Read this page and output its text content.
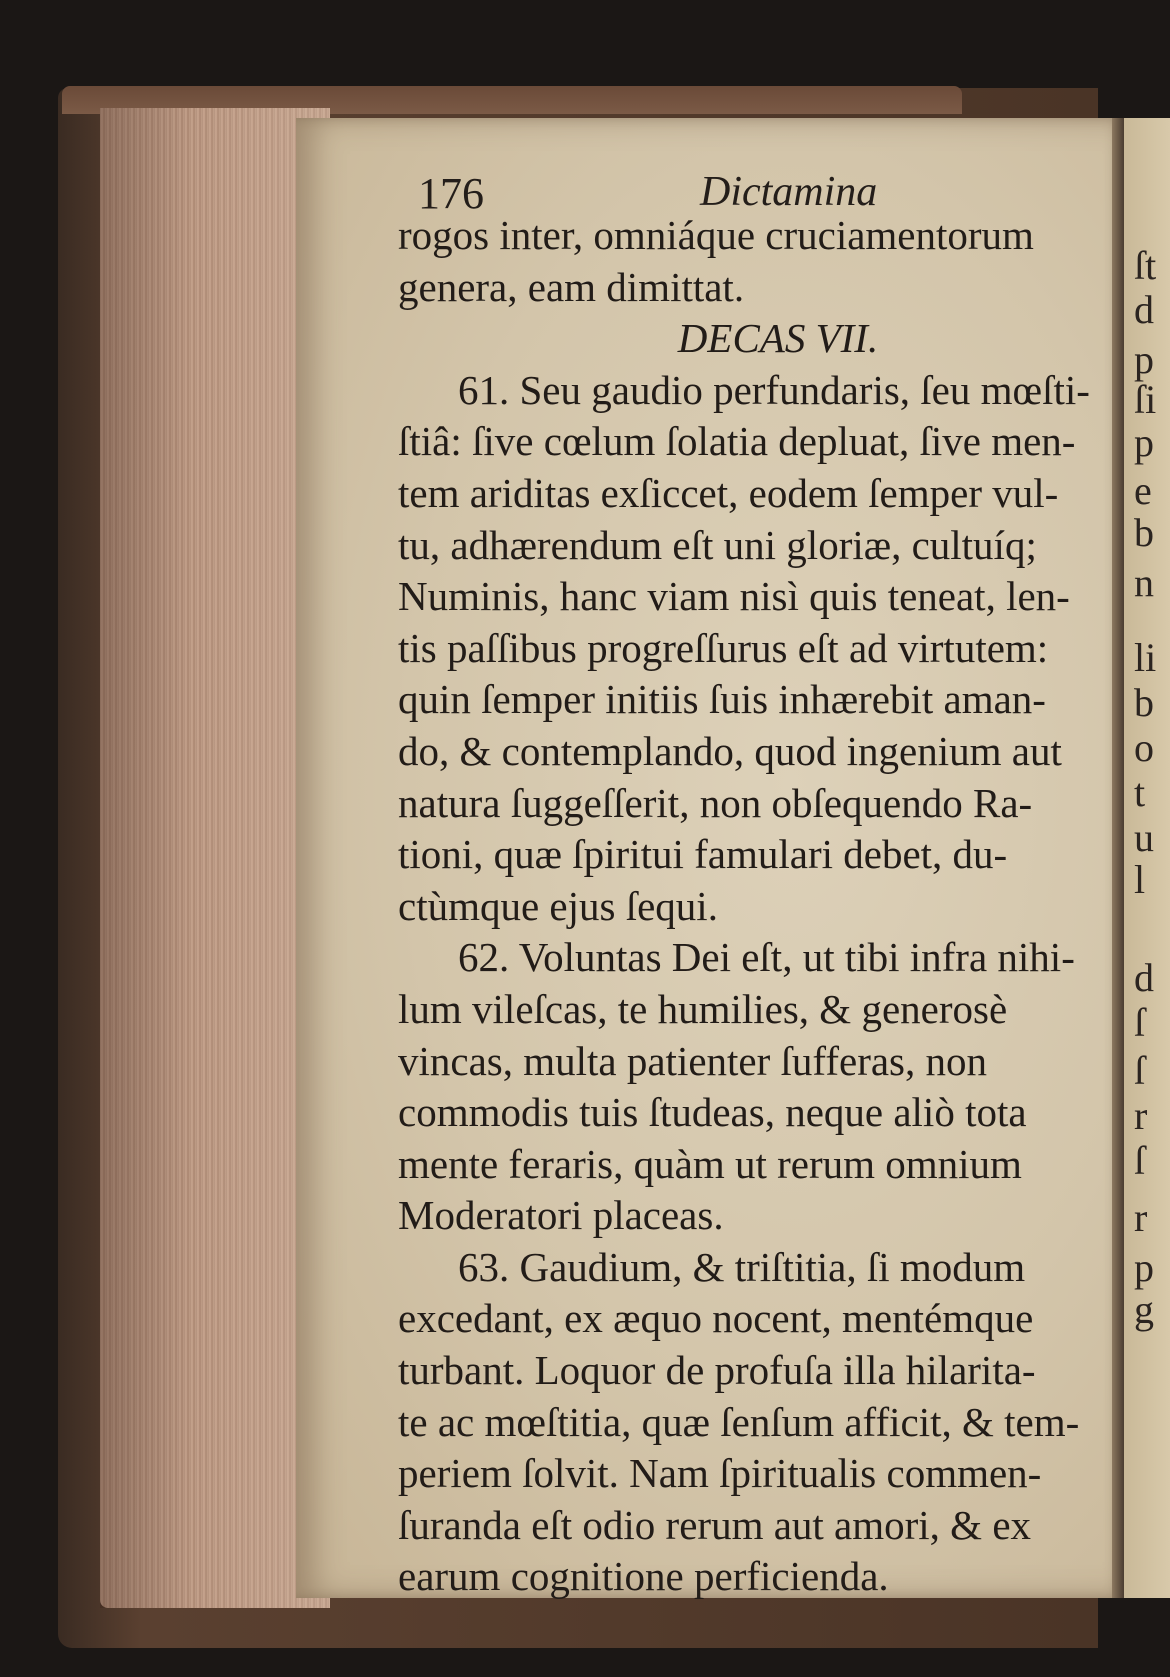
ſt
d
p
ſi
p
e
b
n
li
b
o
t
u
l
d
ſ
ſ
r
ſ
r
p
g
176	Dictamina
rogos inter, omniáque cruciamentorum
genera, eam dimittat.
DECAS VII.
61. Seu gaudio perfundaris, ſeu mœſti-
ſtiâ: ſive cœlum ſolatia depluat, ſive men-
tem ariditas exſiccet, eodem ſemper vul-
tu, adhærendum eſt uni gloriæ, cultuíq;
Numinis, hanc viam nisì quis teneat, len-
tis paſſibus progreſſurus eſt ad virtutem:
quin ſemper initiis ſuis inhærebit aman-
do, & contemplando, quod ingenium aut
natura ſuggeſſerit, non obſequendo Ra-
tioni, quæ ſpiritui famulari debet, du-
ctùmque ejus ſequi.
62. Voluntas Dei eſt, ut tibi infra nihi-
lum vileſcas, te humilies, & generosè
vincas, multa patienter ſufferas, non
commodis tuis ſtudeas, neque aliò tota
mente feraris, quàm ut rerum omnium
Moderatori placeas.
63. Gaudium, & triſtitia, ſi modum
excedant, ex æquo nocent, mentémque
turbant. Loquor de profuſa illa hilarita-
te ac mœſtitia, quæ ſenſum afficit, & tem-
periem ſolvit. Nam ſpiritualis commen-
ſuranda eſt odio rerum aut amori, & ex
earum cognitione perficienda.
